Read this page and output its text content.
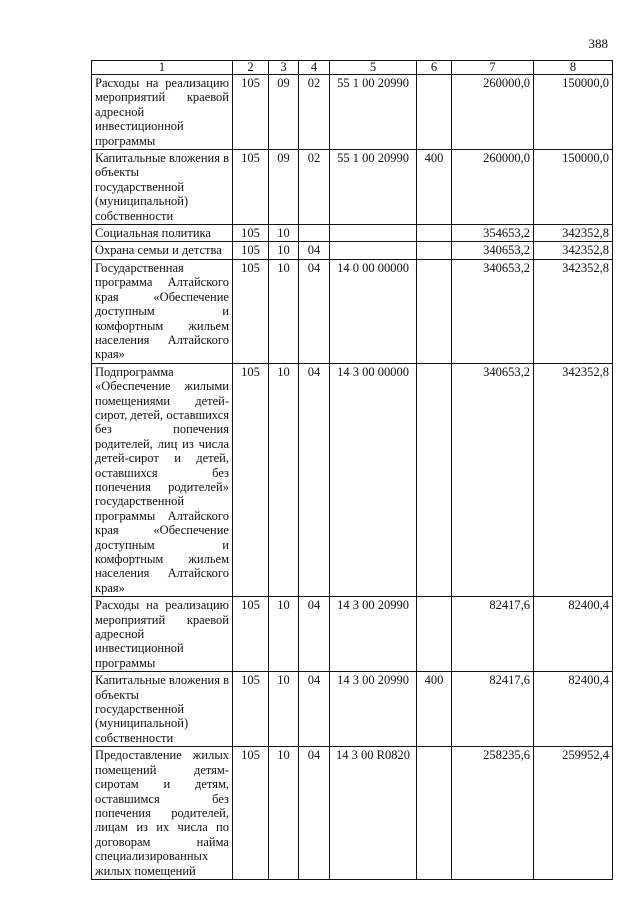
388
1	2	3	4	5	6	7	8
Расходы на реализацию мероприятий краевой адресной инвестиционной программы	105	09	02	55 1 00 20990		260000,0	150000,0
Капитальные вложения в объекты государственной (муниципальной) собственности	105	09	02	55 1 00 20990	400	260000,0	150000,0
Социальная политика	105	10				354653,2	342352,8
Охрана семьи и детства	105	10	04			340653,2	342352,8
Государственная программа Алтайского края «Обеспечение доступным и комфортным жильем населения Алтайского края»	105	10	04	14 0 00 00000		340653,2	342352,8
Подпрограмма «Обеспечение жилыми помещениями детей-сирот, детей, оставшихся без попечения родителей, лиц из числа детей-сирот и детей, оставшихся без попечения родителей» государственной программы Алтайского края «Обеспечение доступным и комфортным жильем населения Алтайского края»	105	10	04	14 3 00 00000		340653,2	342352,8
Расходы на реализацию мероприятий краевой адресной инвестиционной программы	105	10	04	14 3 00 20990		82417,6	82400,4
Капитальные вложения в объекты государственной (муниципальной) собственности	105	10	04	14 3 00 20990	400	82417,6	82400,4
Предоставление жилых помещений детям-сиротам и детям, оставшимся без попечения родителей, лицам из их числа по договорам найма специализированных жилых помещений	105	10	04	14 3 00 R0820		258235,6	259952,4
